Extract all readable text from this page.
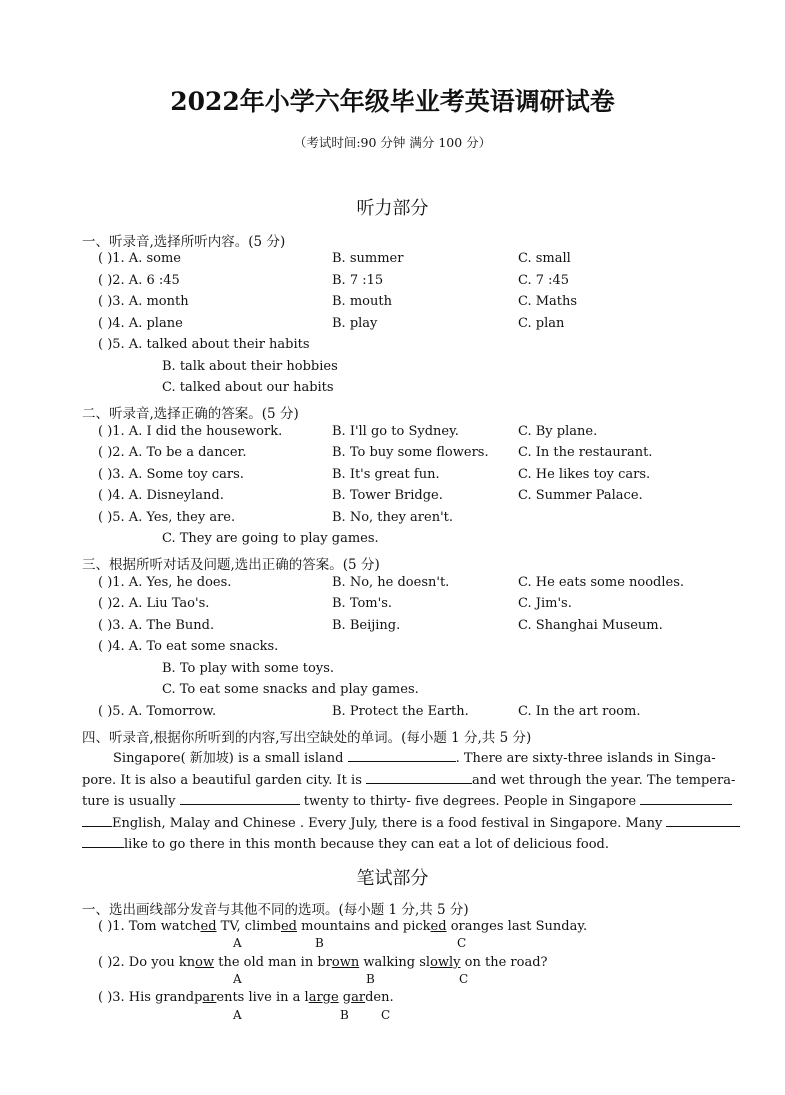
2022年小学六年级毕业考英语调研试卷
（考试时间:90 分钟 满分 100 分）
听力部分
一、听录音,选择所听内容。(5 分)
( )1. A. some	B. summer	C. small
( )2. A. 6 :45	B. 7 :15	C. 7 :45
( )3. A. month	B. mouth	C. Maths
( )4. A. plane	B. play	C. plan
( )5. A. talked about their habits
B. talk about their hobbies
C. talked about our habits
二、听录音,选择正确的答案。(5 分)
( )1. A. I did the housework.	B. I'll go to Sydney.	C. By plane.
( )2. A. To be a dancer.	B. To buy some flowers. C. In the restaurant.
( )3. A. Some toy cars.	B. It's great fun.	C. He likes toy cars.
( )4. A. Disneyland.	B. Tower Bridge.	C. Summer Palace.
( )5. A. Yes, they are.	B. No, they aren't.
C. They are going to play games.
三、根据所听对话及问题,选出正确的答案。(5 分)
( )1. A. Yes, he does.	B. No, he doesn't.	C. He eats some noodles.
( )2. A. Liu Tao's.	B. Tom's.	C. Jim's.
( )3. A. The Bund.	B. Beijing.	C. Shanghai Museum.
( )4. A. To eat some snacks.
B. To play with some toys.
C. To eat some snacks and play games.
( )5. A. Tomorrow.	B. Protect the Earth.	C. In the art room.
四、听录音,根据你所听到的内容,写出空缺处的单词。(每小题 1 分,共 5 分)
Singapore( 新加坡) is a small island	. There are sixty-three islands in Singa-
pore. It is also a beautiful garden city. It is	and wet through the year. The tempera-
ture is usually	twenty to thirty- five degrees. People in Singapore
English, Malay and Chinese . Every July, there is a food festival in Singapore. Many
like to go there in this month because they can eat a lot of delicious food.
笔试部分
一、选出画线部分发音与其他不同的选项。(每小题 1 分,共 5 分)
( )1. Tom watched TV, climbed mountains and picked oranges last Sunday.
A	B	C
( )2. Do you know the old man in brown walking slowly on the road?
A	B	C
( )3. His grandparents live in a large garden.
A	B	C
